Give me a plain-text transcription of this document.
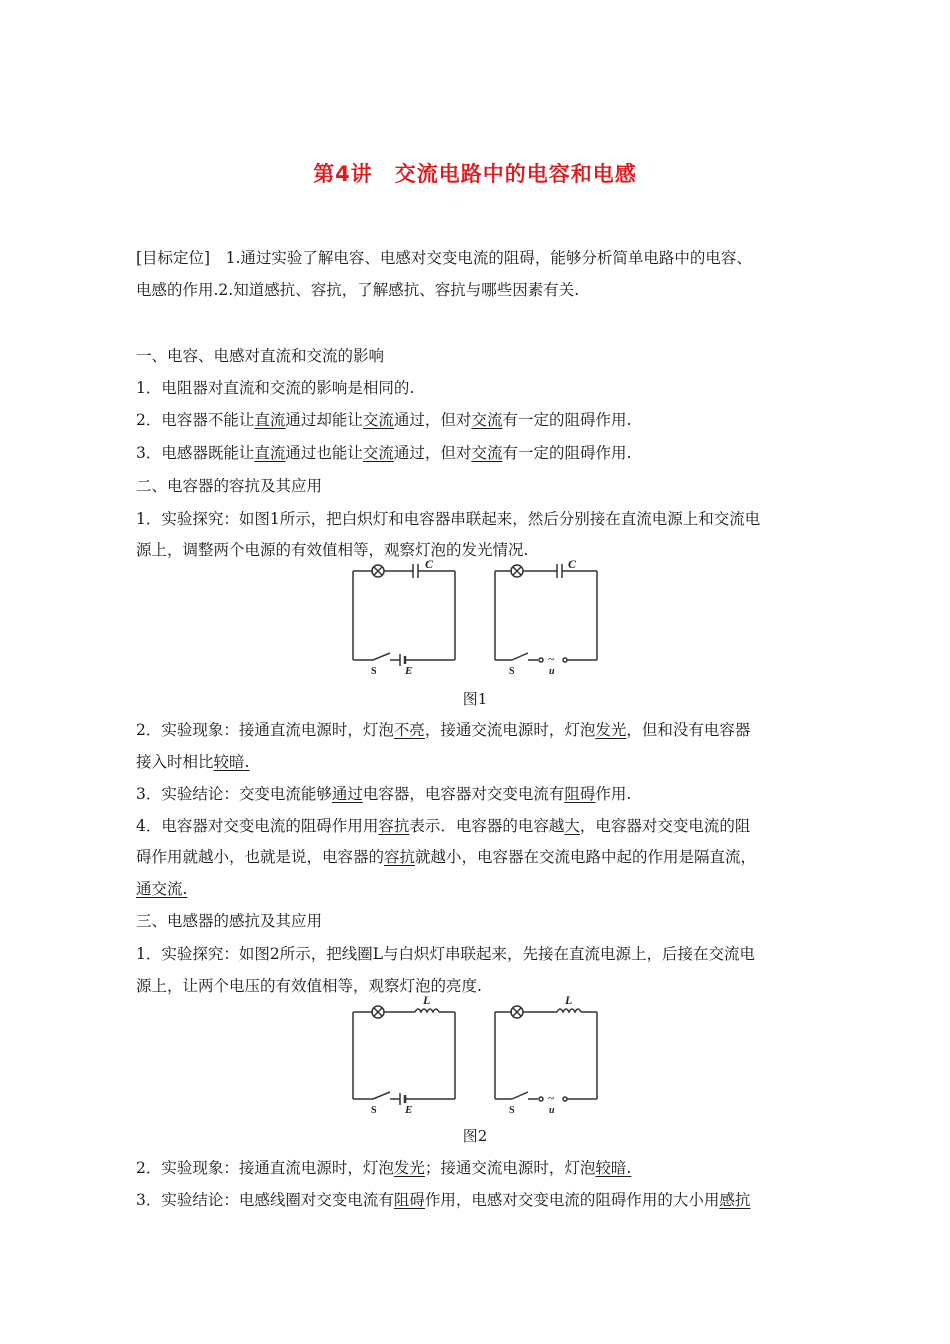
第4讲　交流电路中的电容和电感
[目标定位]　1.通过实验了解电容、电感对交变电流的阻碍，能够分析简单电路中的电容、
电感的作用.2.知道感抗、容抗，了解感抗、容抗与哪些因素有关.
一、电容、电感对直流和交流的影响
1．电阻器对直流和交流的影响是相同的.
2．电容器不能让直流通过却能让交流通过，但对交流有一定的阻碍作用.
3．电感器既能让直流通过也能让交流通过，但对交流有一定的阻碍作用.
二、电容器的容抗及其应用
1．实验探究：如图1所示，把白炽灯和电容器串联起来，然后分别接在直流电源上和交流电
源上，调整两个电源的有效值相等，观察灯泡的发光情况.
C
S	E
C
S
~
u
图1
2．实验现象：接通直流电源时，灯泡不亮，接通交流电源时，灯泡发光，但和没有电容器
接入时相比较暗.
3．实验结论：交变电流能够通过电容器，电容器对交变电流有阻碍作用.
4．电容器对交变电流的阻碍作用用容抗表示．电容器的电容越大，电容器对交变电流的阻
碍作用就越小，也就是说，电容器的容抗就越小，电容器在交流电路中起的作用是隔直流，
通交流.
三、电感器的感抗及其应用
1．实验探究：如图2所示，把线圈L与白炽灯串联起来，先接在直流电源上，后接在交流电
源上，让两个电压的有效值相等，观察灯泡的亮度.
L
S	E
L
S
~
u
图2
2．实验现象：接通直流电源时，灯泡发光；接通交流电源时，灯泡较暗.
3．实验结论：电感线圈对交变电流有阻碍作用，电感对交变电流的阻碍作用的大小用感抗
